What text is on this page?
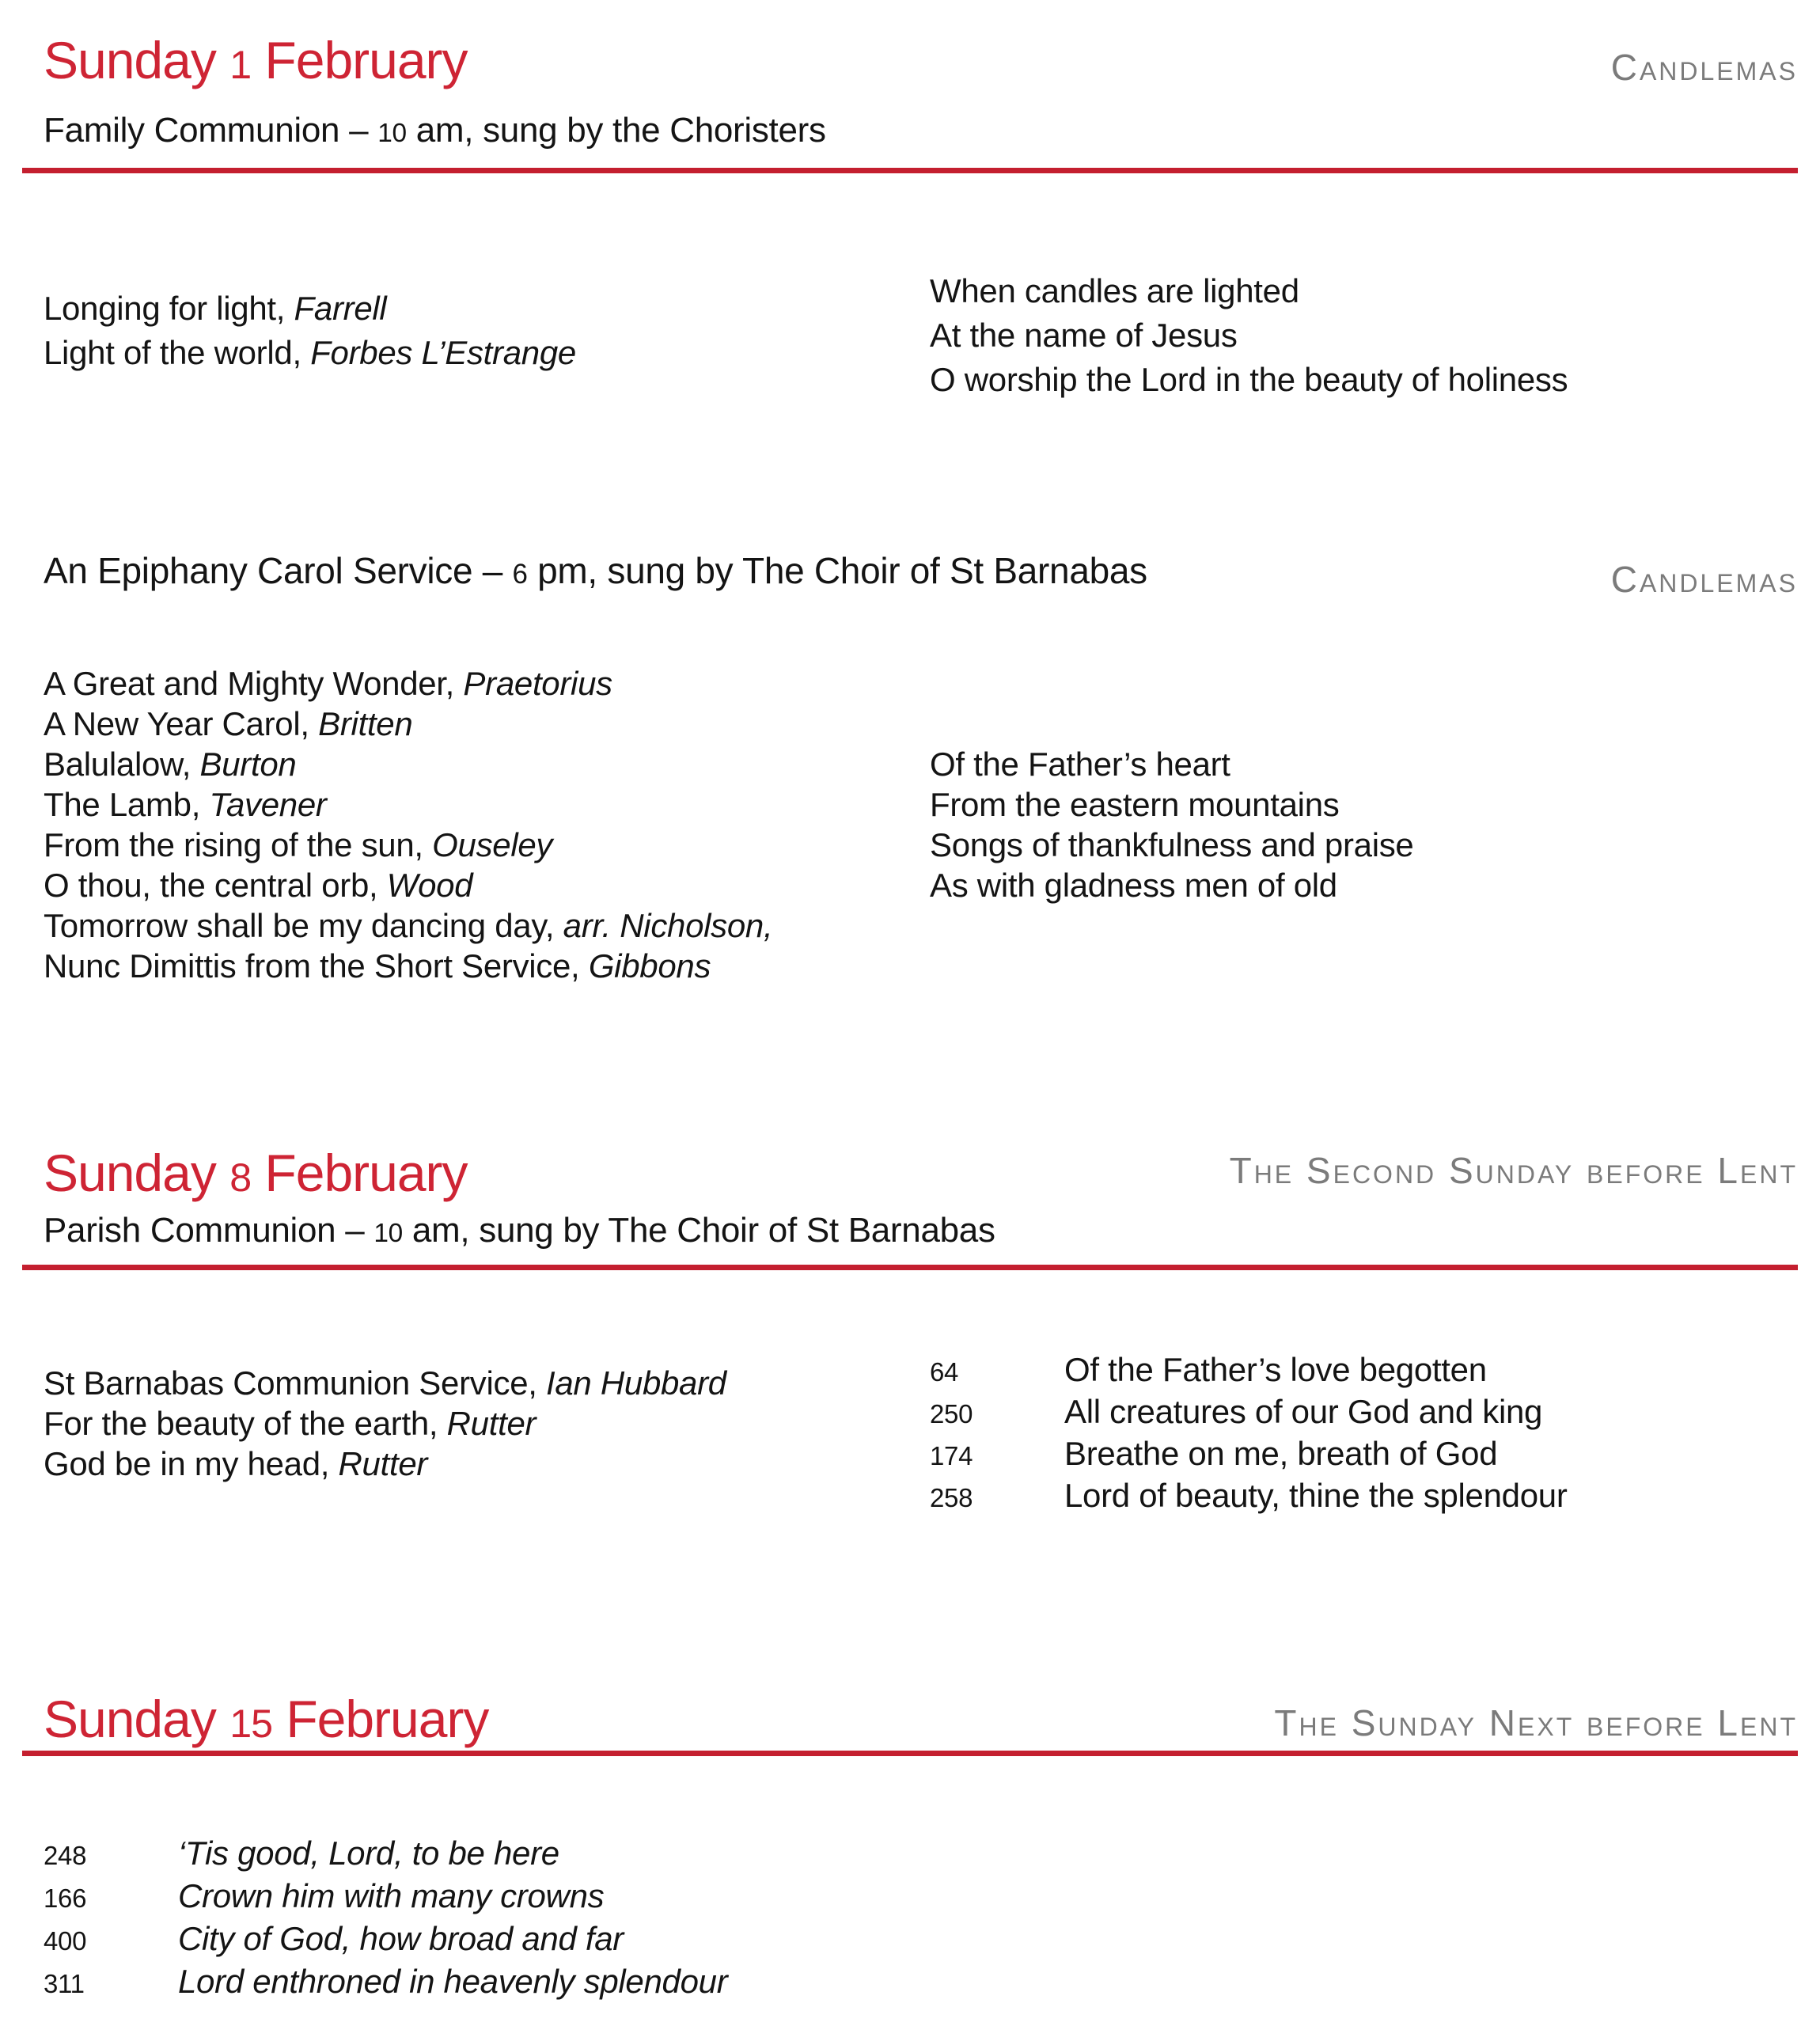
Sunday 1 February	Candlemas
Family Communion – 10 am, sung by the Choristers
Longing for light, Farrell
Light of the world, Forbes L’Estrange
When candles are lighted
At the name of Jesus
O worship the Lord in the beauty of holiness
An Epiphany Carol Service – 6 pm, sung by The Choir of St Barnabas	Candlemas
A Great and Mighty Wonder, Praetorius
A New Year Carol, Britten
Balulalow, Burton
The Lamb, Tavener
From the rising of the sun, Ouseley
O thou, the central orb, Wood
Tomorrow shall be my dancing day, arr. Nicholson,
Nunc Dimittis from the Short Service, Gibbons
Of the Father’s heart
From the eastern mountains
Songs of thankfulness and praise
As with gladness men of old
Sunday 8 February	The Second Sunday before Lent
Parish Communion – 10 am, sung by The Choir of St Barnabas
St Barnabas Communion Service, Ian Hubbard
For the beauty of the earth, Rutter
God be in my head, Rutter
64	Of the Father’s love begotten
250	All creatures of our God and king
174	Breathe on me, breath of God
258	Lord of beauty, thine the splendour
Sunday 15 February	The Sunday Next before Lent
248	‘Tis good, Lord, to be here
166	Crown him with many crowns
400	City of God, how broad and far
311	Lord enthroned in heavenly splendour
